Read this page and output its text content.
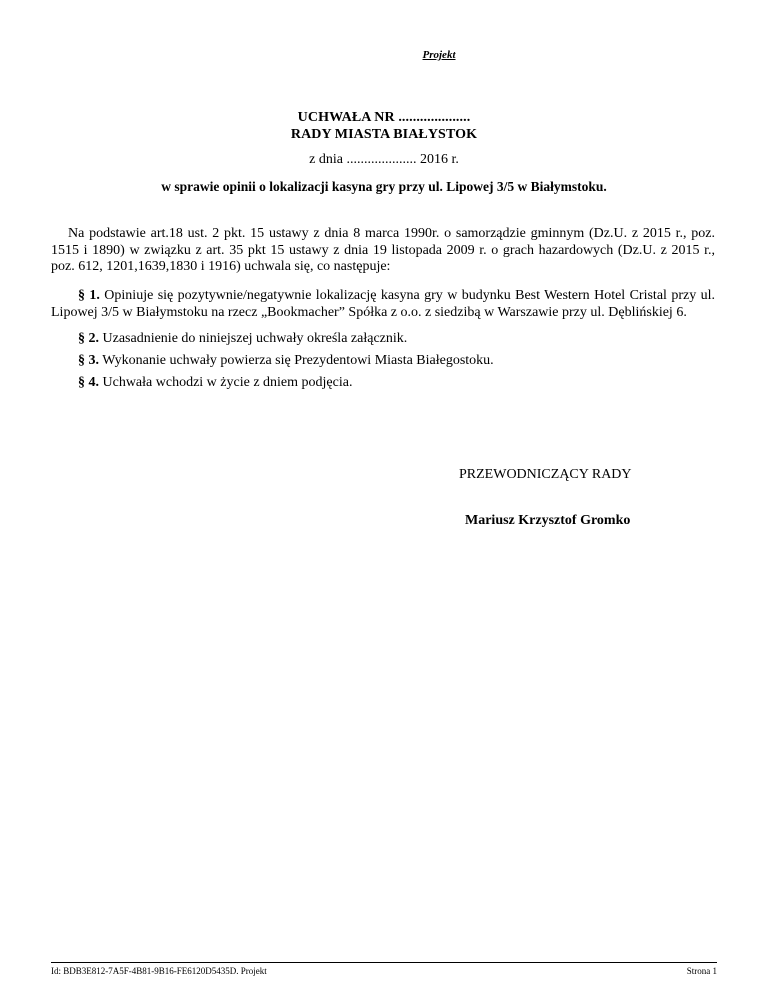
Projekt
UCHWAŁA NR ....................
RADY MIASTA BIAŁYSTOK
z dnia .................... 2016 r.
w sprawie opinii o lokalizacji kasyna gry przy ul. Lipowej 3/5 w Białymstoku.
Na podstawie art.18 ust. 2 pkt. 15 ustawy z dnia 8 marca 1990r. o samorządzie gminnym (Dz.U. z 2015 r., poz. 1515 i 1890) w związku z art. 35 pkt 15 ustawy z dnia 19 listopada 2009 r. o grach hazardowych (Dz.U. z 2015 r., poz. 612, 1201,1639,1830 i 1916) uchwala się, co następuje:
§ 1. Opiniuje się pozytywnie/negatywnie lokalizację kasyna gry w budynku Best Western Hotel Cristal przy ul. Lipowej 3/5 w Białymstoku na rzecz „Bookmacher” Spółka z o.o. z siedzibą w Warszawie przy ul. Dęblińskiej 6.
§ 2. Uzasadnienie do niniejszej uchwały określa załącznik.
§ 3. Wykonanie uchwały powierza się Prezydentowi Miasta Białegostoku.
§ 4. Uchwała wchodzi w życie z dniem podjęcia.
PRZEWODNICZĄCY RADY
Mariusz Krzysztof Gromko
Id: BDB3E812-7A5F-4B81-9B16-FE6120D5435D. Projekt	Strona 1
